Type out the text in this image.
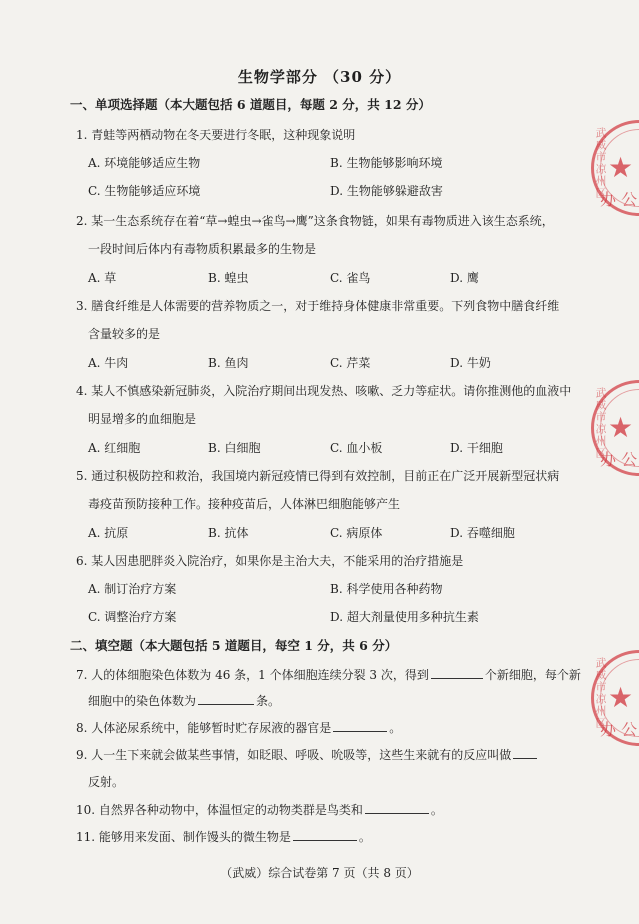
生物学部分 （30 分）
一、单项选择题（本大题包括 6 道题目，每题 2 分，共 12 分）
1. 青蛙等两栖动物在冬天要进行冬眠，这种现象说明
A. 环境能够适应生物	B. 生物能够影响环境
C. 生物能够适应环境	D. 生物能够躲避敌害
2. 某一生态系统存在着“草→蝗虫→雀鸟→鹰”这条食物链，如果有毒物质进入该生态系统，
一段时间后体内有毒物质积累最多的生物是
A. 草	B. 蝗虫	C. 雀鸟	D. 鹰
3. 膳食纤维是人体需要的营养物质之一，对于维持身体健康非常重要。下列食物中膳食纤维
含量较多的是
A. 牛肉	B. 鱼肉	C. 芹菜	D. 牛奶
4. 某人不慎感染新冠肺炎，入院治疗期间出现发热、咳嗽、乏力等症状。请你推测他的血液中
明显增多的血细胞是
A. 红细胞	B. 白细胞	C. 血小板	D. 干细胞
5. 通过积极防控和救治，我国境内新冠疫情已得到有效控制，目前正在广泛开展新型冠状病
毒疫苗预防接种工作。接种疫苗后，人体淋巴细胞能够产生
A. 抗原	B. 抗体	C. 病原体	D. 吞噬细胞
6. 某人因患肥胖炎入院治疗，如果你是主治大夫，不能采用的治疗措施是
A. 制订治疗方案	B. 科学使用各种药物
C. 调整治疗方案	D. 超大剂量使用多种抗生素
二、填空题（本大题包括 5 道题目，每空 1 分，共 6 分）
7. 人的体细胞染色体数为 46 条，1 个体细胞连续分裂 3 次，得到	个新细胞，每个新
细胞中的染色体数为	条。
8. 人体泌尿系统中，能够暂时贮存尿液的器官是	。
9. 人一生下来就会做某些事情，如眨眼、呼吸、吮吸等，这些生来就有的反应叫做
反射。
10. 自然界各种动物中，体温恒定的动物类群是鸟类和	。
11. 能够用来发面、制作馒头的微生物是	。
（武威）综合试卷第 7 页（共 8 页）
武威市凉州区 ★
办 公
武威市凉州区 ★
办 公
武威市凉州区 ★
办 公
